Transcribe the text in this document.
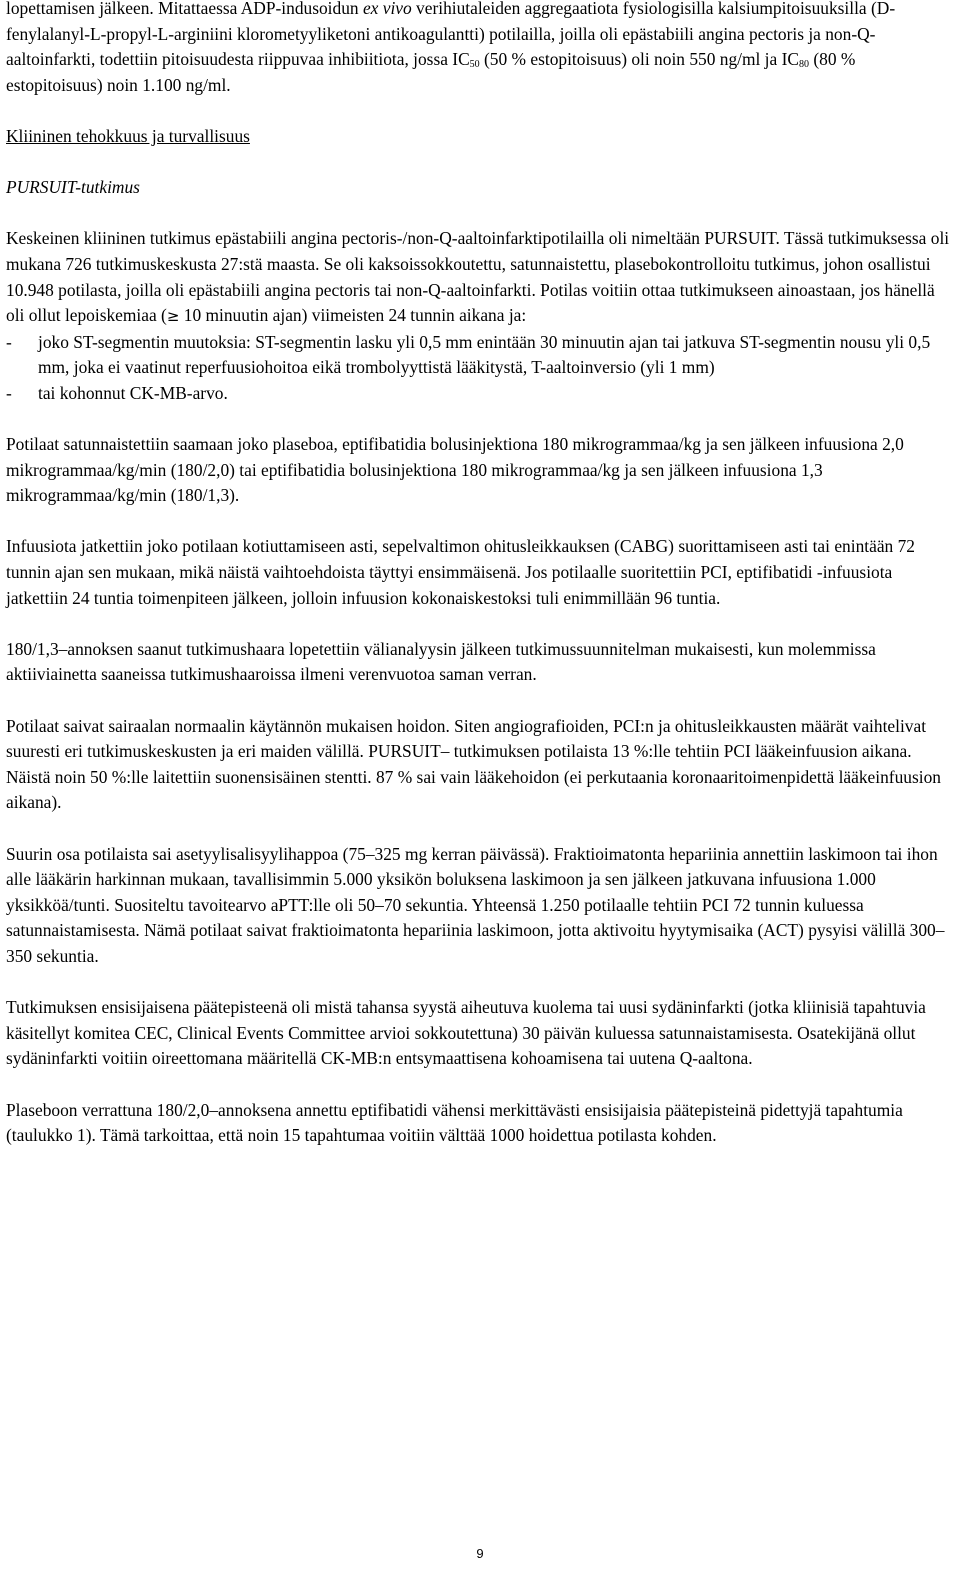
lopettamisen jälkeen. Mitattaessa ADP-indusoidun ex vivo verihiutaleiden aggregaatiota fysiologisilla kalsiumpitoisuuksilla (D-fenylalanyl-L-propyl-L-arginiini klorometyyliketoni antikoagulantti) potilailla, joilla oli epästabiili angina pectoris ja non-Q-aaltoinfarkti, todettiin pitoisuudesta riippuvaa inhibiitiota, jossa $IC_{50}$ (50 % estopitoisuus) oli noin 550 ng/ml ja $IC_{80}$ (80 % estopitoisuus) noin 1.100 ng/ml.

Kliininen tehokkuus ja turvallisuus

PURSUIT-tutkimus

Keskeinen kliininen tutkimus epästabiili angina pectoris-/non-Q-aaltoinfarktipotilailla oli nimeltään PURSUIT. Tässä tutkimuksessa oli mukana 726 tutkimuskeskusta 27:stä maasta. Se oli kaksoissokkoutettu, satunnaistettu, plasebokontrolloitu tutkimus, johon osallistui 10.948 potilasta, joilla oli epästabiili angina pectoris tai non-Q-aaltoinfarkti. Potilas voitiin ottaa tutkimukseen ainoastaan, jos hänellä oli ollut lepoiskemiaa (≥ 10 minuutin ajan) viimeisten 24 tunnin aikana ja:

-	joko ST-segmentin muutoksia: ST-segmentin lasku yli 0,5 mm enintään 30 minuutin ajan tai jatkuva ST-segmentin nousu yli 0,5 mm, joka ei vaatinut reperfuusiohoitoa eikä trombolyyttistä lääkitystä, T-aaltoinversio (yli 1 mm)
-	tai kohonnut CK-MB-arvo.

Potilaat satunnaistettiin saamaan joko plaseboa, eptifibatidia bolusinjektiona 180 mikrogrammaa/kg ja sen jälkeen infuusiona 2,0 mikrogrammaa/kg/min (180/2,0) tai eptifibatidia bolusinjektiona 180 mikrogrammaa/kg ja sen jälkeen infuusiona 1,3 mikrogrammaa/kg/min (180/1,3).

Infuusiota jatkettiin joko potilaan kotiuttamiseen asti, sepelvaltimon ohitusleikkauksen (CABG) suorittamiseen asti tai enintään 72 tunnin ajan sen mukaan, mikä näistä vaihtoehdoista täyttyi ensimmäisenä. Jos potilaalle suoritettiin PCI, eptifibatidi -infuusiota jatkettiin 24 tuntia toimenpiteen jälkeen, jolloin infuusion kokonaiskestoksi tuli enimmillään 96 tuntia.

180/1,3–annoksen saanut tutkimushaara lopetettiin välianalyysin jälkeen tutkimussuunnitelman mukaisesti, kun molemmissa aktiiviainetta saaneissa tutkimushaaroissa ilmeni verenvuotoa saman verran.

Potilaat saivat sairaalan normaalin käytännön mukaisen hoidon. Siten angiografioiden, PCI:n ja ohitusleikkausten määrät vaihtelivat suuresti eri tutkimuskeskusten ja eri maiden välillä. PURSUIT– tutkimuksen potilaista 13 %:lle tehtiin PCI lääkeinfuusion aikana. Näistä noin 50 %:lle laitettiin suonensisäinen stentti. 87 % sai vain lääkehoidon (ei perkutaania koronaaritoimenpidettä lääkeinfuusion aikana).

Suurin osa potilaista sai asetyylisalisyylihappoa (75–325 mg kerran päivässä). Fraktioimatonta hepariinia annettiin laskimoon tai ihon alle lääkärin harkinnan mukaan, tavallisimmin 5.000 yksikön boluksena laskimoon ja sen jälkeen jatkuvana infuusiona 1.000 yksikköä/tunti. Suositeltu tavoitearvo aPTT:lle oli 50–70 sekuntia. Yhteensä 1.250 potilaalle tehtiin PCI 72 tunnin kuluessa satunnaistamisesta. Nämä potilaat saivat fraktioimatonta hepariinia laskimoon, jotta aktivoitu hyytymisaika (ACT) pysyisi välillä 300–350 sekuntia.

Tutkimuksen ensisijaisena päätepisteenä oli mistä tahansa syystä aiheutuva kuolema tai uusi sydäninfarkti (jotka kliinisiä tapahtuvia käsitellyt komitea CEC, Clinical Events Committee arvioi sokkoutettuna) 30 päivän kuluessa satunnaistamisesta. Osatekijänä ollut sydäninfarkti voitiin oireettomana määritellä CK-MB:n entsymaattisena kohoamisena tai uutena Q-aaltona.

Plaseboon verrattuna 180/2,0–annoksena annettu eptifibatidi vähensi merkittävästi ensisijaisia päätepisteinä pidettyjä tapahtumia (taulukko 1). Tämä tarkoittaa, että noin 15 tapahtumaa voitiin välttää 1000 hoidettua potilasta kohden.

9
